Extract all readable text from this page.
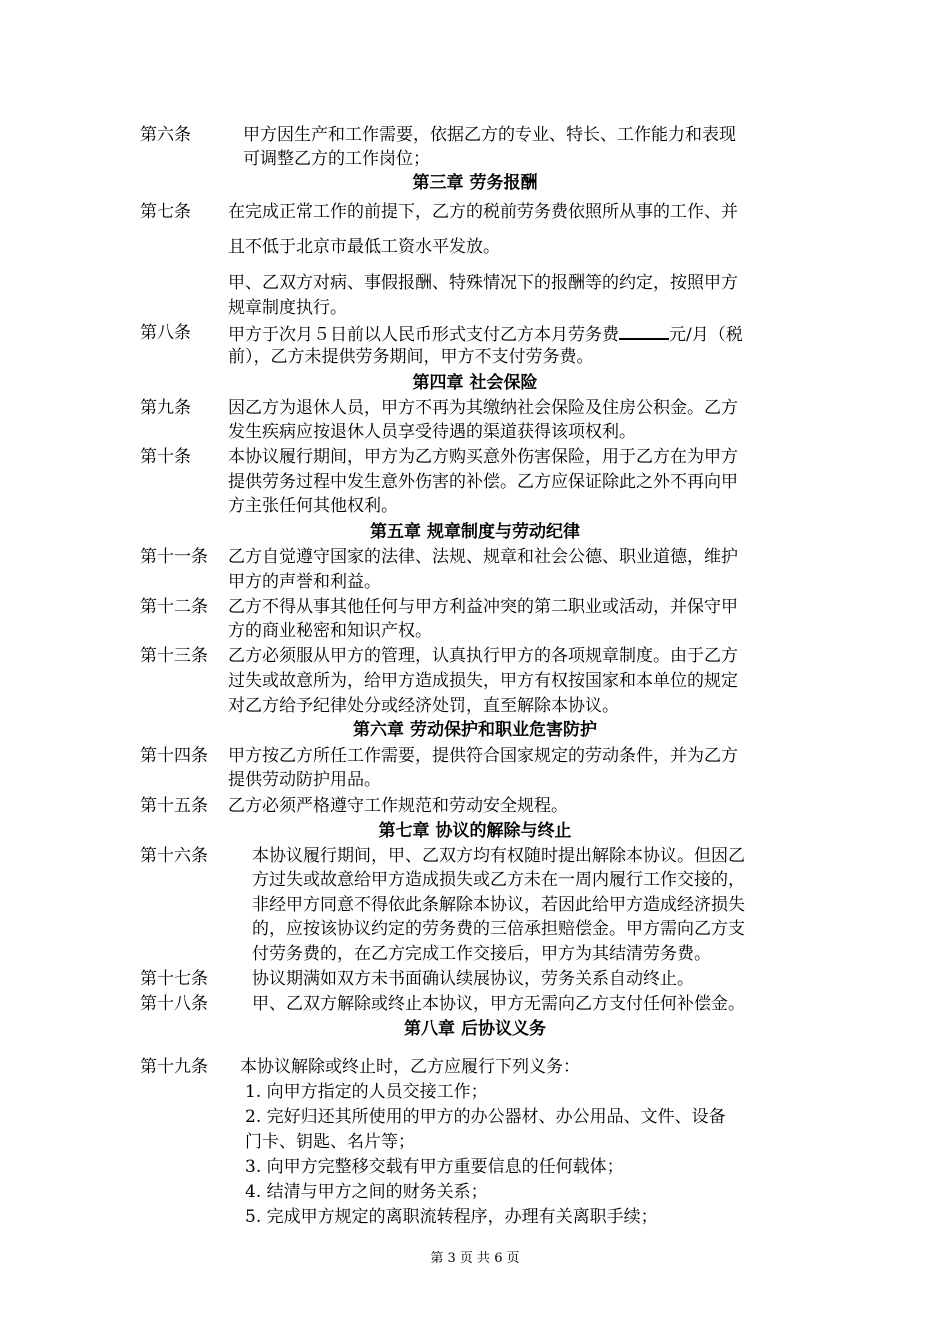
第六条	甲方因生产和工作需要，依据乙方的专业、特长、工作能力和表现
可调整乙方的工作岗位；
第三章 劳务报酬
第七条 在完成正常工作的前提下，乙方的税前劳务费依照所从事的工作、并
且不低于北京市最低工资水平发放。
甲、乙双方对病、事假报酬、特殊情况下的报酬等的约定，按照甲方
规章制度执行。
第八条 甲方于次月５日前以人民币形式支付乙方本月劳务费	元/月（税
前），乙方未提供劳务期间，甲方不支付劳务费。
第四章 社会保险
第九条 因乙方为退休人员，甲方不再为其缴纳社会保险及住房公积金。乙方
发生疾病应按退休人员享受待遇的渠道获得该项权利。
第十条 本协议履行期间，甲方为乙方购买意外伤害保险，用于乙方在为甲方
提供劳务过程中发生意外伤害的补偿。乙方应保证除此之外不再向甲
方主张任何其他权利。
第五章 规章制度与劳动纪律
第十一条 乙方自觉遵守国家的法律、法规、规章和社会公德、职业道德，维护
甲方的声誉和利益。
第十二条 乙方不得从事其他任何与甲方利益冲突的第二职业或活动，并保守甲
方的商业秘密和知识产权。
第十三条 乙方必须服从甲方的管理，认真执行甲方的各项规章制度。由于乙方
过失或故意所为，给甲方造成损失，甲方有权按国家和本单位的规定
对乙方给予纪律处分或经济处罚，直至解除本协议。
第六章 劳动保护和职业危害防护
第十四条 甲方按乙方所任工作需要，提供符合国家规定的劳动条件，并为乙方
提供劳动防护用品。
第十五条 乙方必须严格遵守工作规范和劳动安全规程。
第七章 协议的解除与终止
第十六条	本协议履行期间，甲、乙双方均有权随时提出解除本协议。但因乙
方过失或故意给甲方造成损失或乙方未在一周内履行工作交接的，
非经甲方同意不得依此条解除本协议，若因此给甲方造成经济损失
的，应按该协议约定的劳务费的三倍承担赔偿金。甲方需向乙方支
付劳务费的，在乙方完成工作交接后，甲方为其结清劳务费。
第十七条	协议期满如双方未书面确认续展协议，劳务关系自动终止。
第十八条	甲、乙双方解除或终止本协议，甲方无需向乙方支付任何补偿金。
第八章 后协议义务
第十九条 本协议解除或终止时，乙方应履行下列义务：
1. 向甲方指定的人员交接工作；
2. 完好归还其所使用的甲方的办公器材、办公用品、文件、设备
门卡、钥匙、名片等；
3. 向甲方完整移交载有甲方重要信息的任何载体；
4. 结清与甲方之间的财务关系；
5. 完成甲方规定的离职流转程序，办理有关离职手续；
第 3 页 共 6 页
